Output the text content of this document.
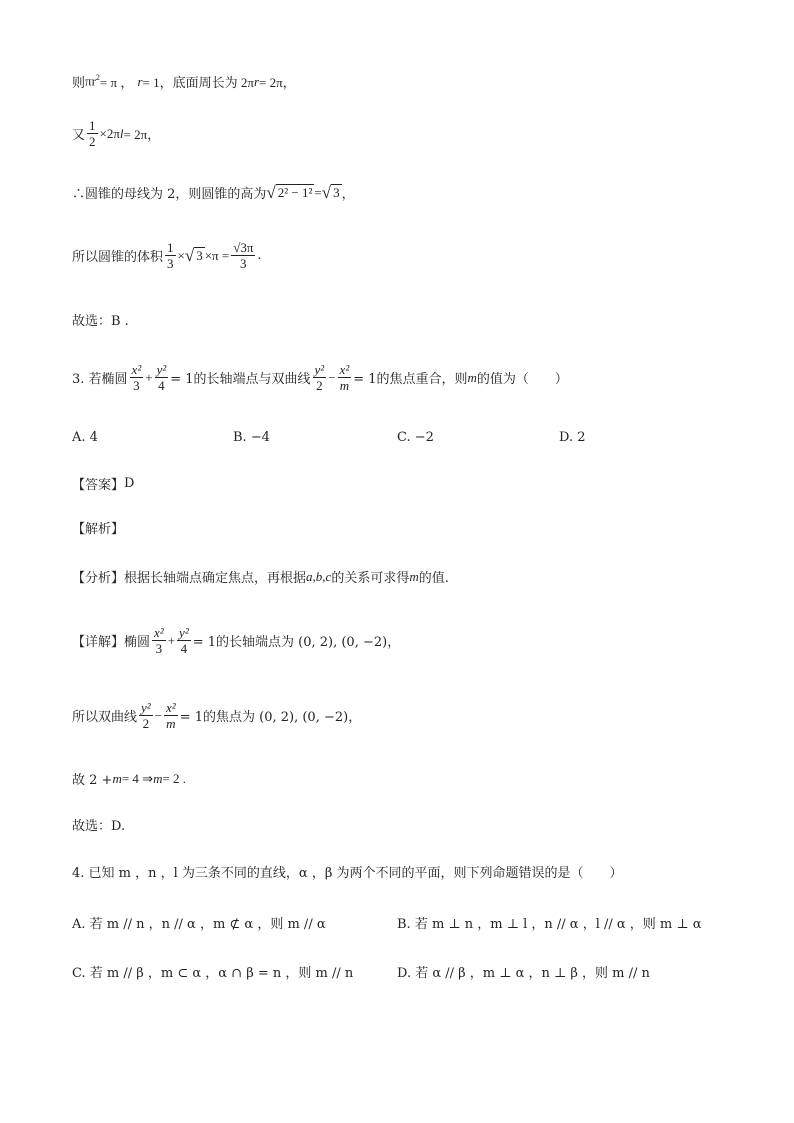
则 $\pi r^2 = \pi$ ，
r = 1，底面周长为 2π r = 2π，
又 $\frac{1}{2} \times 2\pi$ l = 2π，
∴圆锥的母线为 2，则圆锥的高为 √ 2² − 1² = √ 3 ，
所以圆锥的体积 $\frac{1}{3}$ × √ $3 \times\pi = \frac{√3\pi}{3}$ .
故选：B .
3. 若椭圆 $\frac{\text{x²}}{3} + \frac{\text{y²}}{4} = 1$的长轴端点与双曲线 $\frac{\text{y²}}{2} - \frac{\text{x²}}{m} = 1$的焦点重合，则 m 的值为（　　）
A. 4	B. −4	C. −2	D. 2
【答案】 D
【解析】
【分析】 根据长轴端点确定焦点，再根据 a,b,c 的关系可求得 m 的值.
【详解】 椭圆 $\frac{\text{x²}}{3} + \frac{\text{y²}}{4} = 1$的长轴端点为 (0, 2), (0, −2)，
所以双曲线 $\frac{\text{y²}}{2} - \frac{\text{x²}}{m} = 1$的焦点为 (0, 2), (0, −2)，
故 2 + m = 4 ⇒ m = 2 .
故选：D.
4. 已知 m ，n ，l 为三条不同的直线，α ，β 为两个不同的平面，则下列命题错误的是（　　）
A. 若 m // n ，n // α ，m ⊄ α ，则 m // α	B. 若 m ⊥ n ，m ⊥ l ，n // α ，l // α ，则 m ⊥ α
C. 若 m // β ，m ⊂ α ，α ∩ β = n ，则 m // n	D. 若 α // β ，m ⊥ α ，n ⊥ β ，则 m // n
